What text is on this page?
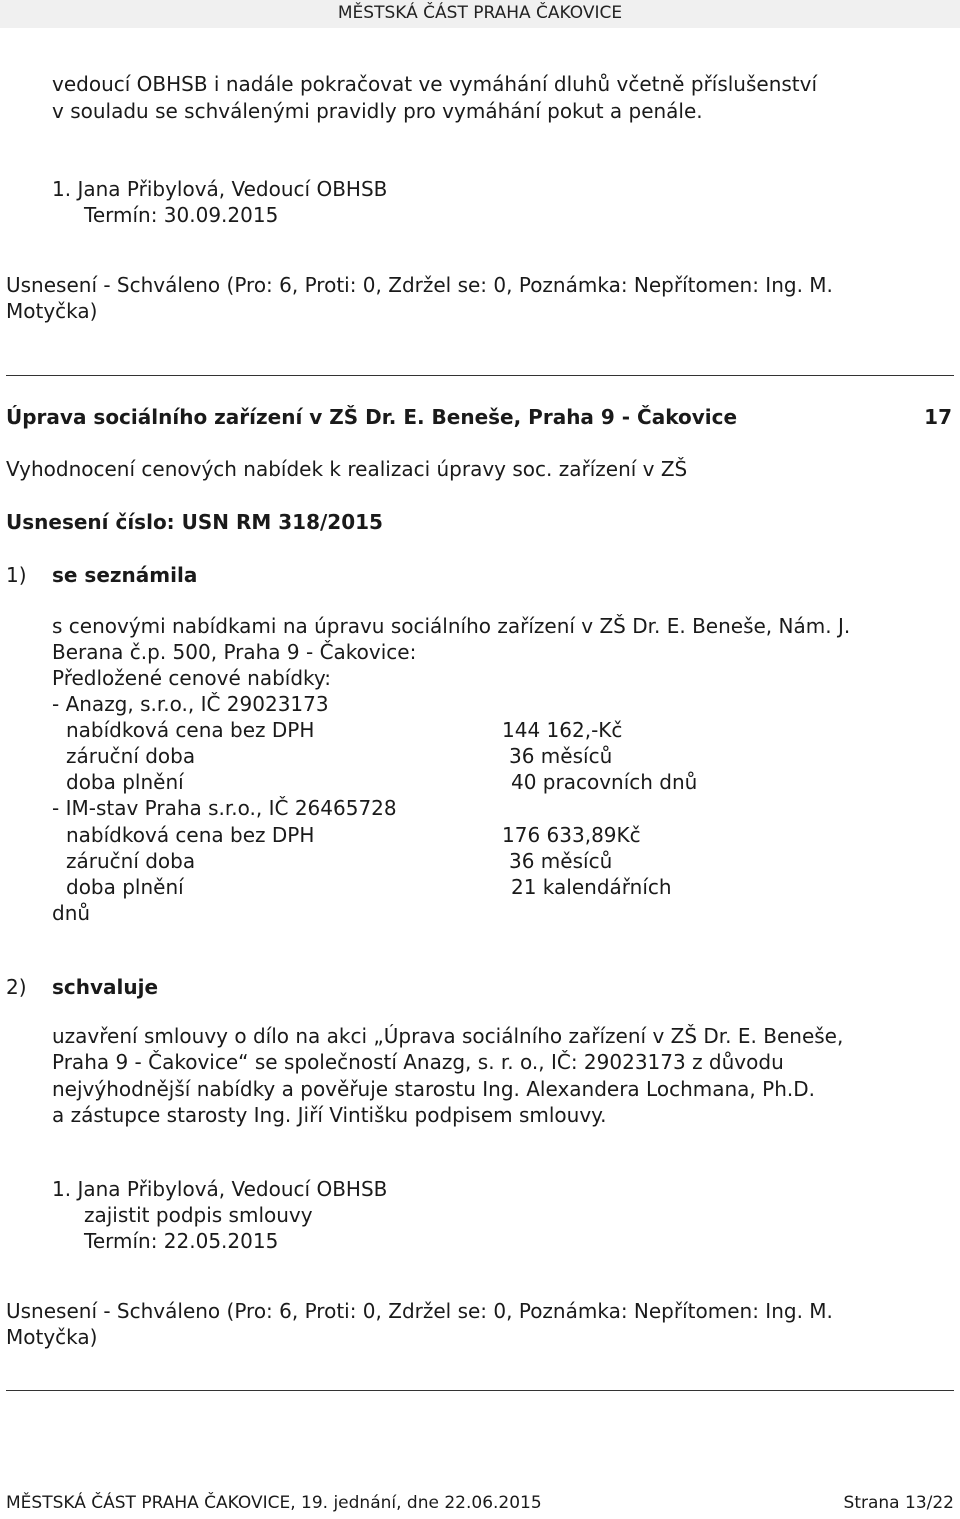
MĚSTSKÁ ČÁST PRAHA ČAKOVICE
vedoucí OBHSB i nadále pokračovat ve vymáhání dluhů včetně příslušenství
v souladu se schválenými pravidly pro vymáhání pokut a penále.
1. Jana Přibylová, Vedoucí OBHSB
Termín: 30.09.2015
Usnesení - Schváleno (Pro: 6, Proti: 0, Zdržel se: 0, Poznámka: Nepřítomen: Ing. M.
Motyčka)
Úprava sociálního zařízení v ZŠ Dr. E. Beneše, Praha 9 - Čakovice	17
Vyhodnocení cenových nabídek k realizaci úpravy soc. zařízení v ZŠ
Usnesení číslo: USN RM 318/2015
1) se seznámila
s cenovými nabídkami na úpravu sociálního zařízení v ZŠ Dr. E. Beneše, Nám. J.
Berana č.p. 500, Praha 9 - Čakovice:
Předložené cenové nabídky:
- Anazg, s.r.o., IČ 29023173
nabídková cena bez DPH	144 162,-Kč
záruční doba	36 měsíců
doba plnění	40 pracovních dnů
- IM-stav Praha s.r.o., IČ 26465728
nabídková cena bez DPH	176 633,89Kč
záruční doba	36 měsíců
doba plnění	21 kalendářních
dnů
2) schvaluje
uzavření smlouvy o dílo na akci „Úprava sociálního zařízení v ZŠ Dr. E. Beneše,
Praha 9 - Čakovice“ se společností Anazg, s. r. o., IČ: 29023173 z důvodu
nejvýhodnější nabídky a pověřuje starostu Ing. Alexandera Lochmana, Ph.D.
a zástupce starosty Ing. Jiří Vintišku podpisem smlouvy.
1. Jana Přibylová, Vedoucí OBHSB
zajistit podpis smlouvy
Termín: 22.05.2015
Usnesení - Schváleno (Pro: 6, Proti: 0, Zdržel se: 0, Poznámka: Nepřítomen: Ing. M.
Motyčka)
MĚSTSKÁ ČÁST PRAHA ČAKOVICE, 19. jednání, dne 22.06.2015	Strana 13/22
